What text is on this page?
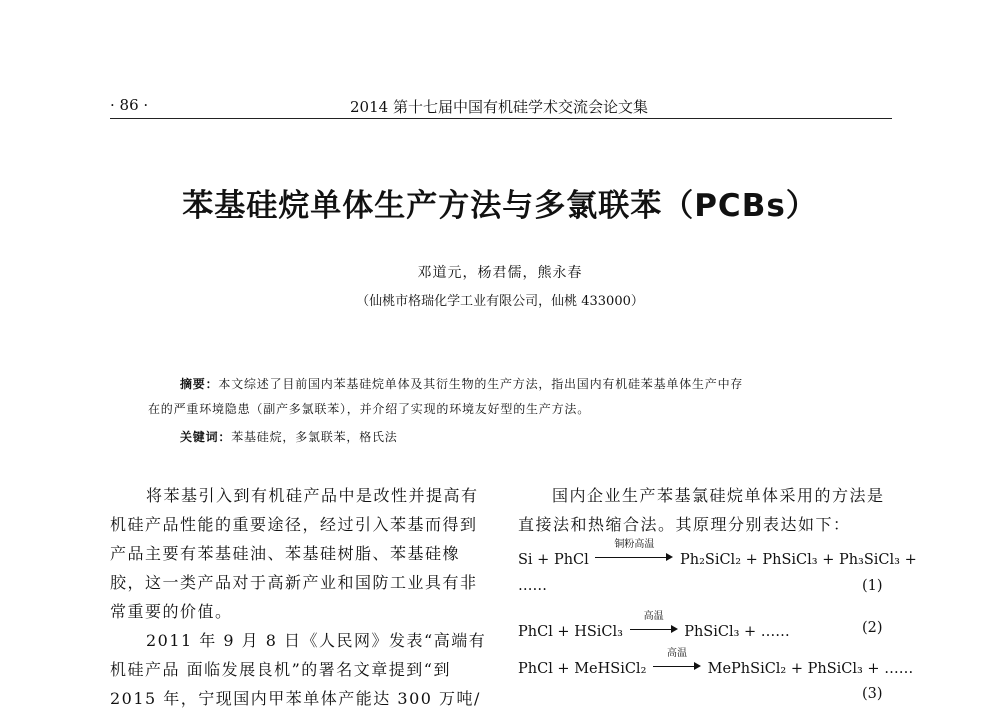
· 86 ·	2014 第十七届中国有机硅学术交流会论文集
苯基硅烷单体生产方法与多氯联苯（PCBs）
邓道元，杨君儒，熊永春
（仙桃市格瑞化学工业有限公司，仙桃 433000）
摘要：本文综述了目前国内苯基硅烷单体及其衍生物的生产方法，指出国内有机硅苯基单体生产中存
在的严重环境隐患（副产多氯联苯），并介绍了实现的环境友好型的生产方法。
关键词：苯基硅烷，多氯联苯，格氏法
将苯基引入到有机硅产品中是改性并提高有
机硅产品性能的重要途径，经过引入苯基而得到
产品主要有苯基硅油、苯基硅树脂、苯基硅橡
胶，这一类产品对于高新产业和国防工业具有非
常重要的价值。
2011 年 9 月 8 日《人民网》发表“高端有
机硅产品 面临发展良机”的署名文章提到“到
2015 年，宁现国内甲苯单体产能达 300 万吨/
国内企业生产苯基氯硅烷单体采用的方法是
直接法和热缩合法。其原理分别表达如下：
Si + PhCl
铜粉高温
Ph₂SiCl₂ + PhSiCl₃ + Ph₃SiCl₃ +
……	(1)
PhCl + HSiCl₃
高温
PhSiCl₃ + ……	(2)
PhCl + MeHSiCl₂
高温
MePhSiCl₂ + PhSiCl₃ + ……
(3)
